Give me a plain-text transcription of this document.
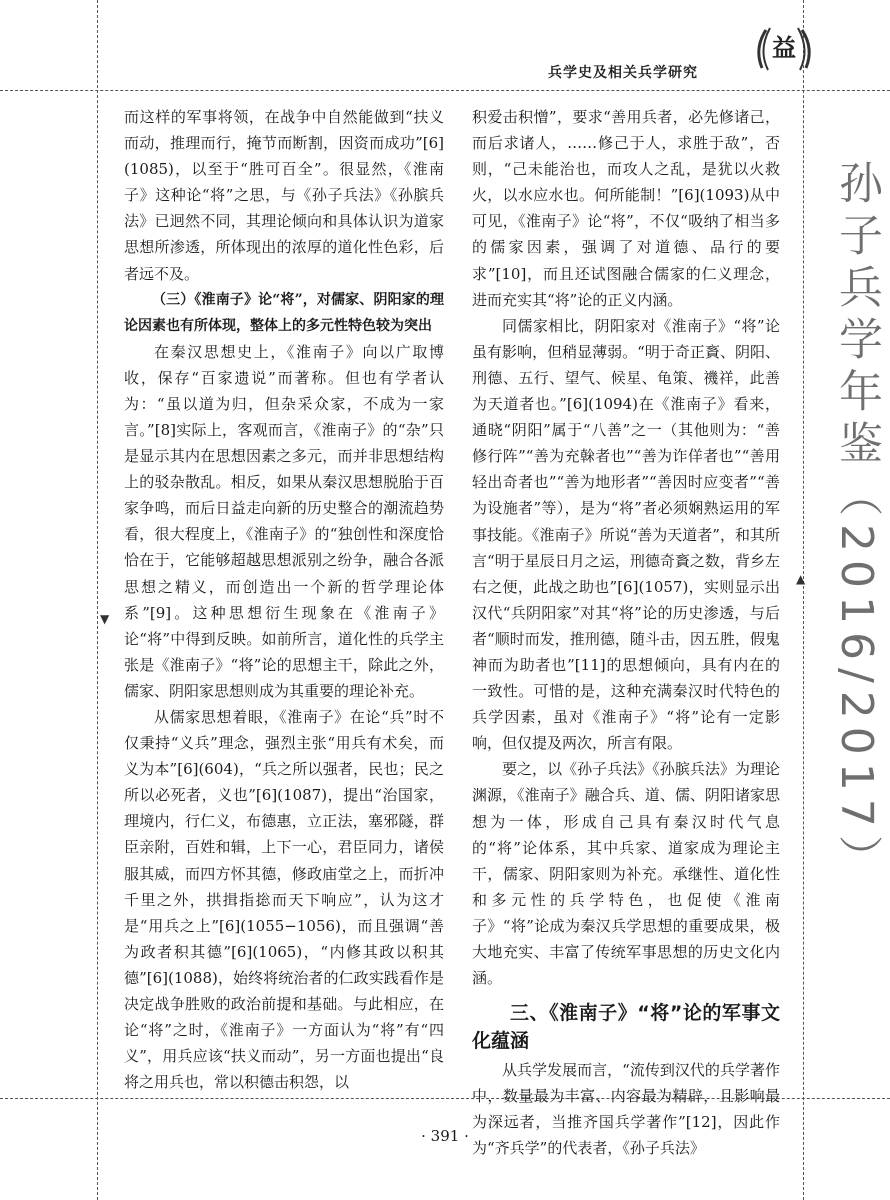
兵学史及相关兵学研究
益
孙子兵学年鉴（2016/2017）
▼
▲

而这样的军事将领，在战争中自然能做到“扶义而动，推理而行，掩节而断割，因资而成功”[6](1085)，以至于“胜可百全”。很显然，《淮南子》这种论“将”之思，与《孙子兵法》《孙膑兵法》已迥然不同，其理论倾向和具体认识为道家思想所渗透，所体现出的浓厚的道化性色彩，后者远不及。

（三）《淮南子》论“将”，对儒家、阴阳家的理论因素也有所体现，整体上的多元性特色较为突出

在秦汉思想史上，《淮南子》向以广取博收，保存“百家遗说”而著称。但也有学者认为：“虽以道为归，但杂采众家，不成为一家言。”[8]实际上，客观而言，《淮南子》的“杂”只是显示其内在思想因素之多元，而并非思想结构上的驳杂散乱。相反，如果从秦汉思想脱胎于百家争鸣，而后日益走向新的历史整合的潮流趋势看，很大程度上，《淮南子》的“独创性和深度恰恰在于，它能够超越思想派别之纷争，融合各派思想之精义，而创造出一个新的哲学理论体系”[9]。这种思想衍生现象在《淮南子》论“将”中得到反映。如前所言，道化性的兵学主张是《淮南子》“将”论的思想主干，除此之外，儒家、阴阳家思想则成为其重要的理论补充。

从儒家思想着眼，《淮南子》在论“兵”时不仅秉持“义兵”理念，强烈主张“用兵有术矣，而义为本”[6](604)，“兵之所以强者，民也；民之所以必死者，义也”[6](1087)，提出“治国家，理境内，行仁义，布德惠，立正法，塞邪隧，群臣亲附，百姓和辑，上下一心，君臣同力，诸侯服其威，而四方怀其德，修政庙堂之上，而折冲千里之外，拱揖指捴而天下响应”，认为这才是“用兵之上”[6](1055−1056)，而且强调“善为政者积其德”[6](1065)，“内修其政以积其德”[6](1088)，始终将统治者的仁政实践看作是决定战争胜败的政治前提和基础。与此相应，在论“将”之时，《淮南子》一方面认为“将”有“四义”，用兵应该“扶义而动”，另一方面也提出“良将之用兵也，常以积德击积怨，以

积爱击积憎”，要求“善用兵者，必先修诸己，而后求诸人，……修己于人，求胜于敌”，否则，“己未能治也，而攻人之乱，是犹以火救火，以水应水也。何所能制！”[6](1093)从中可见，《淮南子》论“将”，不仅“吸纳了相当多的儒家因素，强调了对道德、品行的要求”[10]，而且还试图融合儒家的仁义理念，进而充实其“将”论的正义内涵。

同儒家相比，阴阳家对《淮南子》“将”论虽有影响，但稍显薄弱。“明于奇正賌、阴阳、刑德、五行、望气、候星、龟策、禨祥，此善为天道者也。”[6](1094)在《淮南子》看来，通晓“阴阳”属于“八善”之一（其他则为：“善修行阵”“善为充榦者也”“善为诈佯者也”“善用轻出奇者也”“善为地形者”“善因时应变者”“善为设施者”等），是为“将”者必须娴熟运用的军事技能。《淮南子》所说“善为天道者”，和其所言“明于星辰日月之运，刑德奇賌之数，背乡左右之便，此战之助也”[6](1057)，实则显示出汉代“兵阴阳家”对其“将”论的历史渗透，与后者“顺时而发，推刑德，随斗击，因五胜，假鬼神而为助者也”[11]的思想倾向，具有内在的一致性。可惜的是，这种充满秦汉时代特色的兵学因素，虽对《淮南子》“将”论有一定影响，但仅提及两次，所言有限。

要之，以《孙子兵法》《孙膑兵法》为理论渊源，《淮南子》融合兵、道、儒、阴阳诸家思想为一体，形成自己具有秦汉时代气息的“将”论体系，其中兵家、道家成为理论主干，儒家、阴阳家则为补充。承继性、道化性和多元性的兵学特色，也促使《淮南子》“将”论成为秦汉兵学思想的重要成果，极大地充实、丰富了传统军事思想的历史文化内涵。

三、《淮南子》“将”论的军事文化蕴涵

从兵学发展而言，“流传到汉代的兵学著作中，数量最为丰富、内容最为精辟，且影响最为深远者，当推齐国兵学著作”[12]，因此作为“齐兵学”的代表者，《孙子兵法》

· 391 ·
